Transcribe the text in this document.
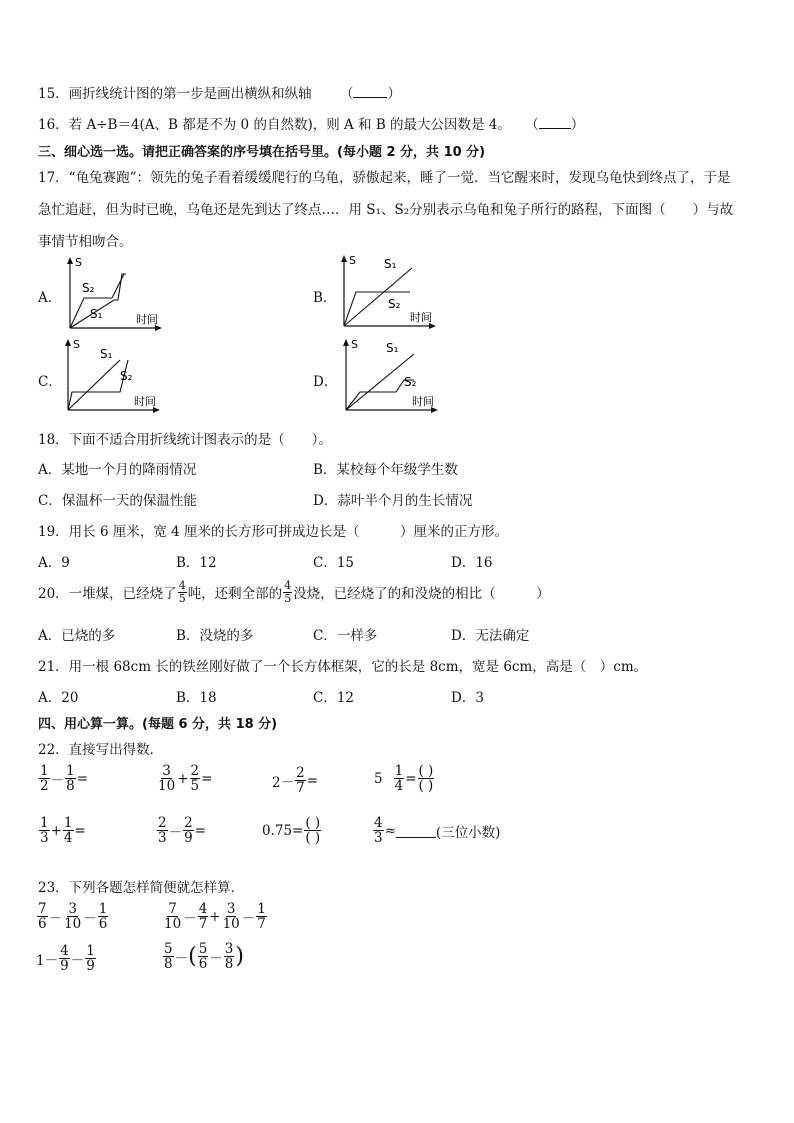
15．画折线统计图的第一步是画出横纵和纵轴 （	）
16．若 A÷B＝4(A、B 都是不为 0 的自然数)，则 A 和 B 的最大公因数是 4。 （ ）
三、细心选一选。请把正确答案的序号填在括号里。(每小题 2 分，共 10 分)
17．“龟兔赛跑”：领先的兔子看着缓缓爬行的乌龟，骄傲起来，睡了一觉．当它醒来时，发现乌龟快到终点了，于是
急忙追赶，但为时已晚，乌龟还是先到达了终点…．用 S₁、S₂分别表示乌龟和兔子所行的路程，下面图（　　）与故
事情节相吻合。
A．
S
S₂
S₁	时间
B．
S S₁
S₂
时间
C．
S
S₁
S₂
时间
D．
S S₁
S₂
时间
18．下面不适合用折线统计图表示的是（　　）。
A．某地一个月的降雨情况	B．某校每个年级学生数
C．保温杯一天的保温性能	D．蒜叶半个月的生长情况
19．用长 6 厘米，宽 4 厘米的长方形可拼成边长是（　　　）厘米的正方形。
A．9	B．12	C．15	D．16
20．一堆煤，已经烧了 $\frac{4}{5}$ 吨，还剩全部的 $\frac{4}{5}$ 没烧，已经烧了的和没烧的相比（　　　）
A．已烧的多	B．没烧的多	C．一样多	D．无法确定
21．用一根 68cm 长的铁丝刚好做了一个长方体框架，它的长是 8cm，宽是 6cm，高是（　）cm。
A．20	B．18	C．12	D．3
四、用心算一算。(每题 6 分，共 18 分)
22．直接写出得数．
$\frac{1}{2} - \frac{1}{8}$ =	$\frac{3}{10} + \frac{2}{5}$ =	$2- \frac{2}{7}$ =	$5 \frac{1}{4} = \frac{( )}{( )}$
$\frac{1}{3} + \frac{1}{4}$ =	$\frac{2}{3} - \frac{2}{9}$ =	$0.75= \frac{( )}{( )}$	$\frac{4}{3}$ ≈	(三位小数)
23．下列各题怎样简便就怎样算．
$\frac{7}{6} - \frac{3}{10} - \frac{1}{6}$	$\frac{7}{10} - \frac{4}{7} + \frac{3}{10} - \frac{1}{7}$
$1- \frac{4}{9} - \frac{1}{9}$	$\frac{5}{8}$ － ( $\frac{5}{6} - \frac{3}{8}$ )
